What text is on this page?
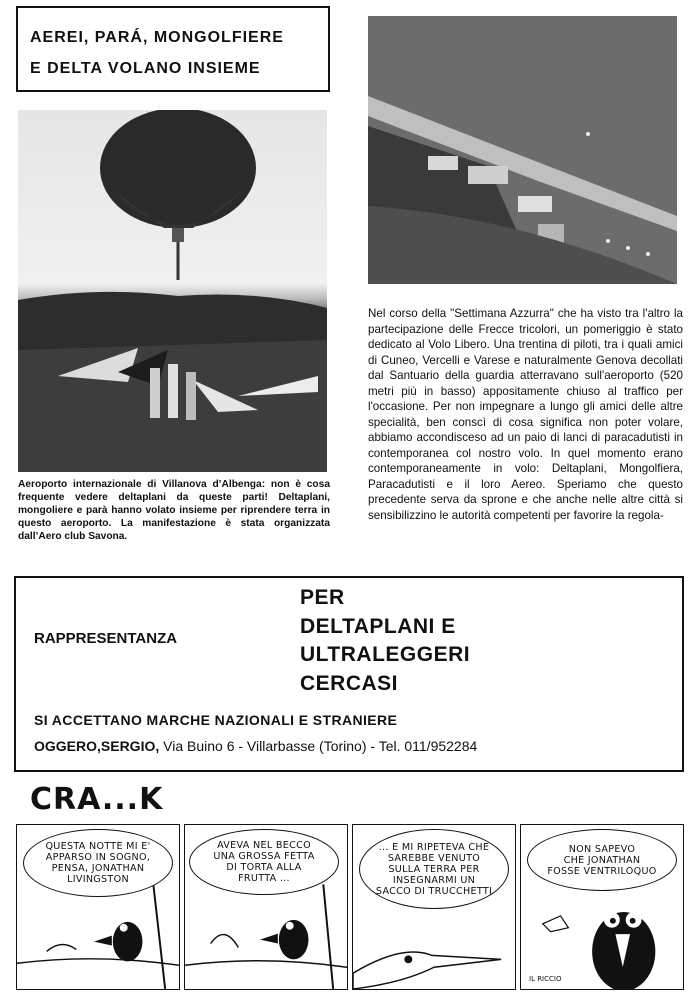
AEREI, PARÁ, MONGOLFIERE
E DELTA VOLANO INSIEME
Aeroporto internazionale di Villanova d’Albenga: non è cosa frequente vedere deltaplani da queste parti! Deltaplani, mongoliere e parà hanno volato insieme per riprendere terra in questo aeroporto. La manifestazione è stata organizzata dall’Aero club Savona.
Nel corso della "Settimana Azzurra" che ha visto tra l'altro la partecipazione delle Frecce tricolori, un pomeriggio è stato dedicato al Volo Libero. Una trentina di piloti, tra i quali amici di Cuneo, Vercelli e Varese e naturalmente Genova decollati dal Santuario della guardia atterravano sull'aeroporto (520 metri più in basso) appositamente chiuso al traffico per l'occasione. Per non impegnare a lungo gli amici delle altre specialità, ben conscì di cosa significa non poter volare, abbiamo accondisceso ad un paio di lanci di paracadutisti in contemporanea col nostro volo. In quel momento erano contemporaneamente in volo: Deltaplani, Mongolfiera, Paracadutisti e il loro Aereo. Speriamo che questo precedente serva da sprone e che anche nelle altre città si sensibilizzino le autorità competenti per favorire la regola-
RAPPRESENTANZA
PER
DELTAPLANI E
ULTRALEGGERI
CERCASI
SI ACCETTANO MARCHE NAZIONALI E STRANIERE
OGGERO,SERGIO, Via Buino 6 - Villarbasse (Torino) - Tel. 011/952284
CRA...K
QUESTA NOTTE MI E'
APPARSO IN SOGNO,
PENSA, JONATHAN
LIVINGSTON
AVEVA NEL BECCO
UNA GROSSA FETTA
DI TORTA ALLA
FRUTTA ...
... E MI RIPETEVA CHE
SAREBBE VENUTO
SULLA TERRA PER
INSEGNARMI UN
SACCO DI TRUCCHETTI
NON SAPEVO
CHE JONATHAN
FOSSE VENTRILOQUO
IL RICCIO
